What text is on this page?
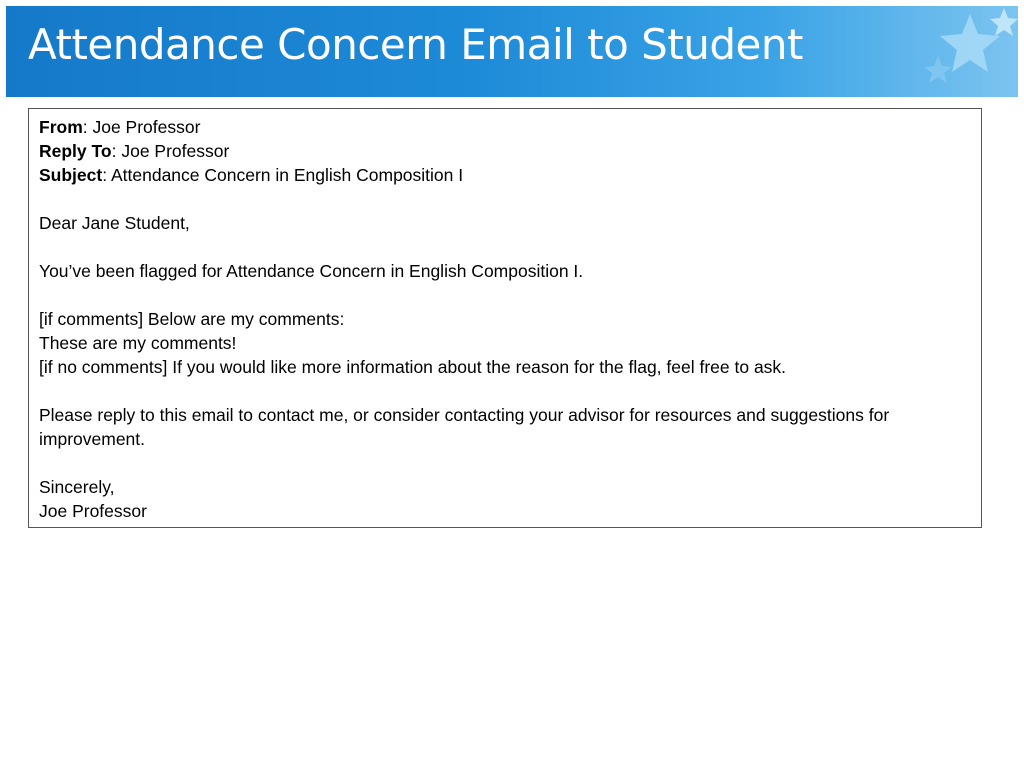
Attendance Concern Email to Student
From: Joe Professor
Reply To: Joe Professor
Subject: Attendance Concern in English Composition I
Dear Jane Student,
You’ve been flagged for Attendance Concern in English Composition I.
[if comments] Below are my comments:
These are my comments!
[if no comments] If you would like more information about the reason for the flag, feel free to ask.
Please reply to this email to contact me, or consider contacting your advisor for resources and suggestions for improvement.
Sincerely,
Joe Professor
